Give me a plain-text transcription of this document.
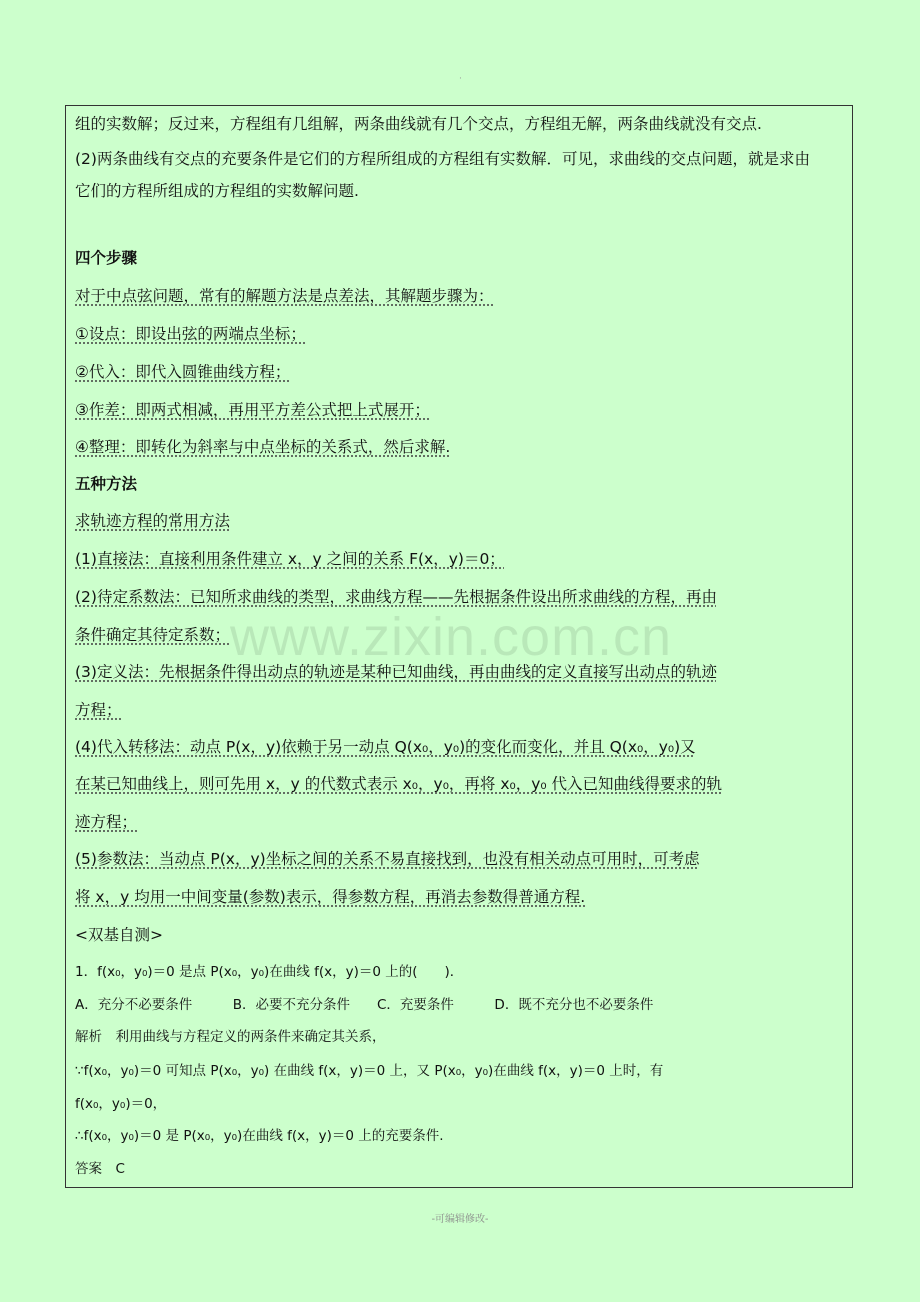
·
组的实数解；反过来，方程组有几组解，两条曲线就有几个交点，方程组无解，两条曲线就没有交点.
(2)两条曲线有交点的充要条件是它们的方程所组成的方程组有实数解．可见，求曲线的交点问题，就是求由
它们的方程所组成的方程组的实数解问题.
四个步骤
对于中点弦问题，常有的解题方法是点差法，其解题步骤为：
①设点：即设出弦的两端点坐标；
②代入：即代入圆锥曲线方程；
③作差：即两式相减，再用平方差公式把上式展开；
④整理：即转化为斜率与中点坐标的关系式，然后求解.
五种方法
求轨迹方程的常用方法
(1)直接法：直接利用条件建立 x，y 之间的关系 F(x，y)＝0；
(2)待定系数法：已知所求曲线的类型，求曲线方程——先根据条件设出所求曲线的方程，再由
条件确定其待定系数；
(3)定义法：先根据条件得出动点的轨迹是某种已知曲线，再由曲线的定义直接写出动点的轨迹
方程；
(4)代入转移法：动点 P(x，y)依赖于另一动点 Q(x₀，y₀)的变化而变化，并且 Q(x₀，y₀)又
在某已知曲线上，则可先用 x，y 的代数式表示 x₀，y₀，再将 x₀，y₀ 代入已知曲线得要求的轨
迹方程；
(5)参数法：当动点 P(x，y)坐标之间的关系不易直接找到，也没有相关动点可用时，可考虑
将 x，y 均用一中间变量(参数)表示，得参数方程，再消去参数得普通方程.
<双基自测>
1．f(x₀，y₀)＝0 是点 P(x₀，y₀)在曲线 f(x，y)＝0 上的(　　)．
A．充分不必要条件　　　B．必要不充分条件　　C．充要条件　　　D．既不充分也不必要条件
解析　利用曲线与方程定义的两条件来确定其关系，
∵f(x₀，y₀)＝0 可知点 P(x₀，y₀) 在曲线 f(x，y)＝0 上，又 P(x₀，y₀)在曲线 f(x，y)＝0 上时，有
f(x₀，y₀)＝0，
∴f(x₀，y₀)＝0 是 P(x₀，y₀)在曲线 f(x，y)＝0 上的充要条件.
答案　C
www.zixin.com.cn
-可编辑修改-
